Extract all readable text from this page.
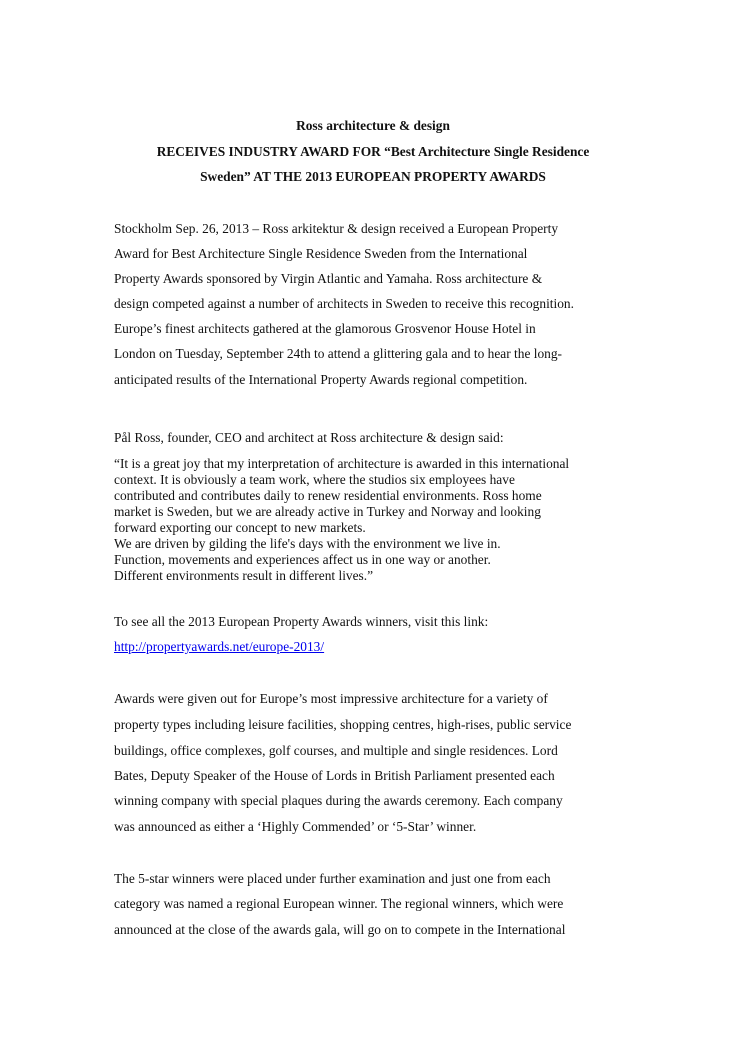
Ross architecture & design
RECEIVES INDUSTRY AWARD FOR “Best Architecture Single Residence
Sweden” AT THE 2013 EUROPEAN PROPERTY AWARDS
Stockholm Sep. 26, 2013 – Ross arkitektur & design received a European Property
Award for Best Architecture Single Residence Sweden from the International
Property Awards sponsored by Virgin Atlantic and Yamaha. Ross architecture &
design competed against a number of architects in Sweden to receive this recognition.
Europe’s finest architects gathered at the glamorous Grosvenor House Hotel in
London on Tuesday, September 24th to attend a glittering gala and to hear the long-
anticipated results of the International Property Awards regional competition.
Pål Ross, founder, CEO and architect at Ross architecture & design said:
“It is a great joy that my interpretation of architecture is awarded in this international
context. It is obviously a team work, where the studios six employees have
contributed and contributes daily to renew residential environments. Ross home
market is Sweden, but we are already active in Turkey and Norway and looking
forward exporting our concept to new markets.
We are driven by gilding the life's days with the environment we live in.
Function, movements and experiences affect us in one way or another.
Different environments result in different lives.”
To see all the 2013 European Property Awards winners, visit this link:
http://propertyawards.net/europe-2013/
Awards were given out for Europe’s most impressive architecture for a variety of
property types including leisure facilities, shopping centres, high-rises, public service
buildings, office complexes, golf courses, and multiple and single residences. Lord
Bates, Deputy Speaker of the House of Lords in British Parliament presented each
winning company with special plaques during the awards ceremony. Each company
was announced as either a ‘Highly Commended’ or ‘5-Star’ winner.
The 5-star winners were placed under further examination and just one from each
category was named a regional European winner. The regional winners, which were
announced at the close of the awards gala, will go on to compete in the International
